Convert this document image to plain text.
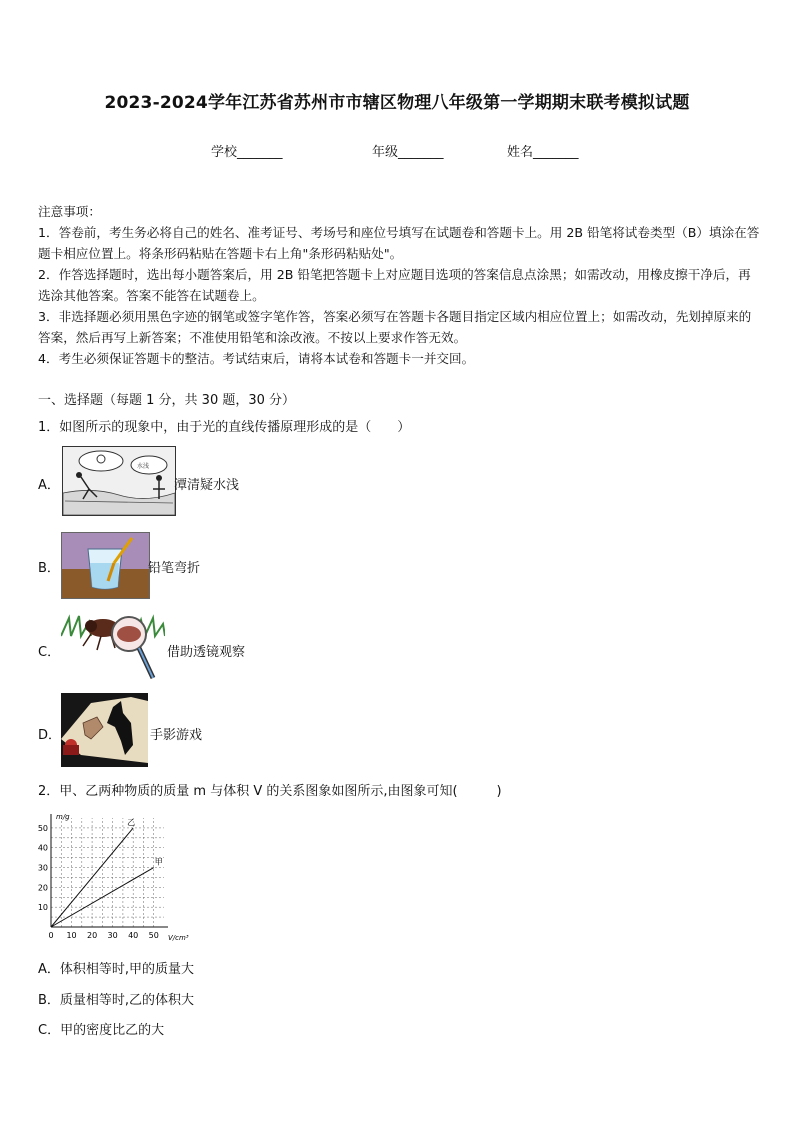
2023-2024学年江苏省苏州市市辖区物理八年级第一学期期末联考模拟试题
学校_______	年级_______	姓名_______
注意事项：
1．答卷前，考生务必将自己的姓名、准考证号、考场号和座位号填写在试题卷和答题卡上。用 2B 铅笔将试卷类型（B）填涂在答题卡相应位置上。将条形码粘贴在答题卡右上角"条形码粘贴处"。
2．作答选择题时，选出每小题答案后，用 2B 铅笔把答题卡上对应题目选项的答案信息点涂黑；如需改动，用橡皮擦干净后，再选涂其他答案。答案不能答在试题卷上。
3．非选择题必须用黑色字迹的钢笔或签字笔作答，答案必须写在答题卡各题目指定区域内相应位置上；如需改动，先划掉原来的答案，然后再写上新答案；不准使用铅笔和涂改液。不按以上要求作答无效。
4．考生必须保证答题卡的整洁。考试结束后，请将本试卷和答题卡一并交回。
一、选择题（每题 1 分，共 30 题，30 分）
1．如图所示的现象中，由于光的直线传播原理形成的是（　　）
A．
水浅
潭清疑水浅
B．	铅笔弯折
C．	借助透镜观察
D．	手影游戏
2．甲、乙两种物质的质量 m 与体积 V 的关系图象如图所示,由图象可知(　　　)
0 10 20 30 40 50
10
20
30
40
50
乙
甲
m/g
V/cm³
A．体积相等时,甲的质量大
B．质量相等时,乙的体积大
C．甲的密度比乙的大
